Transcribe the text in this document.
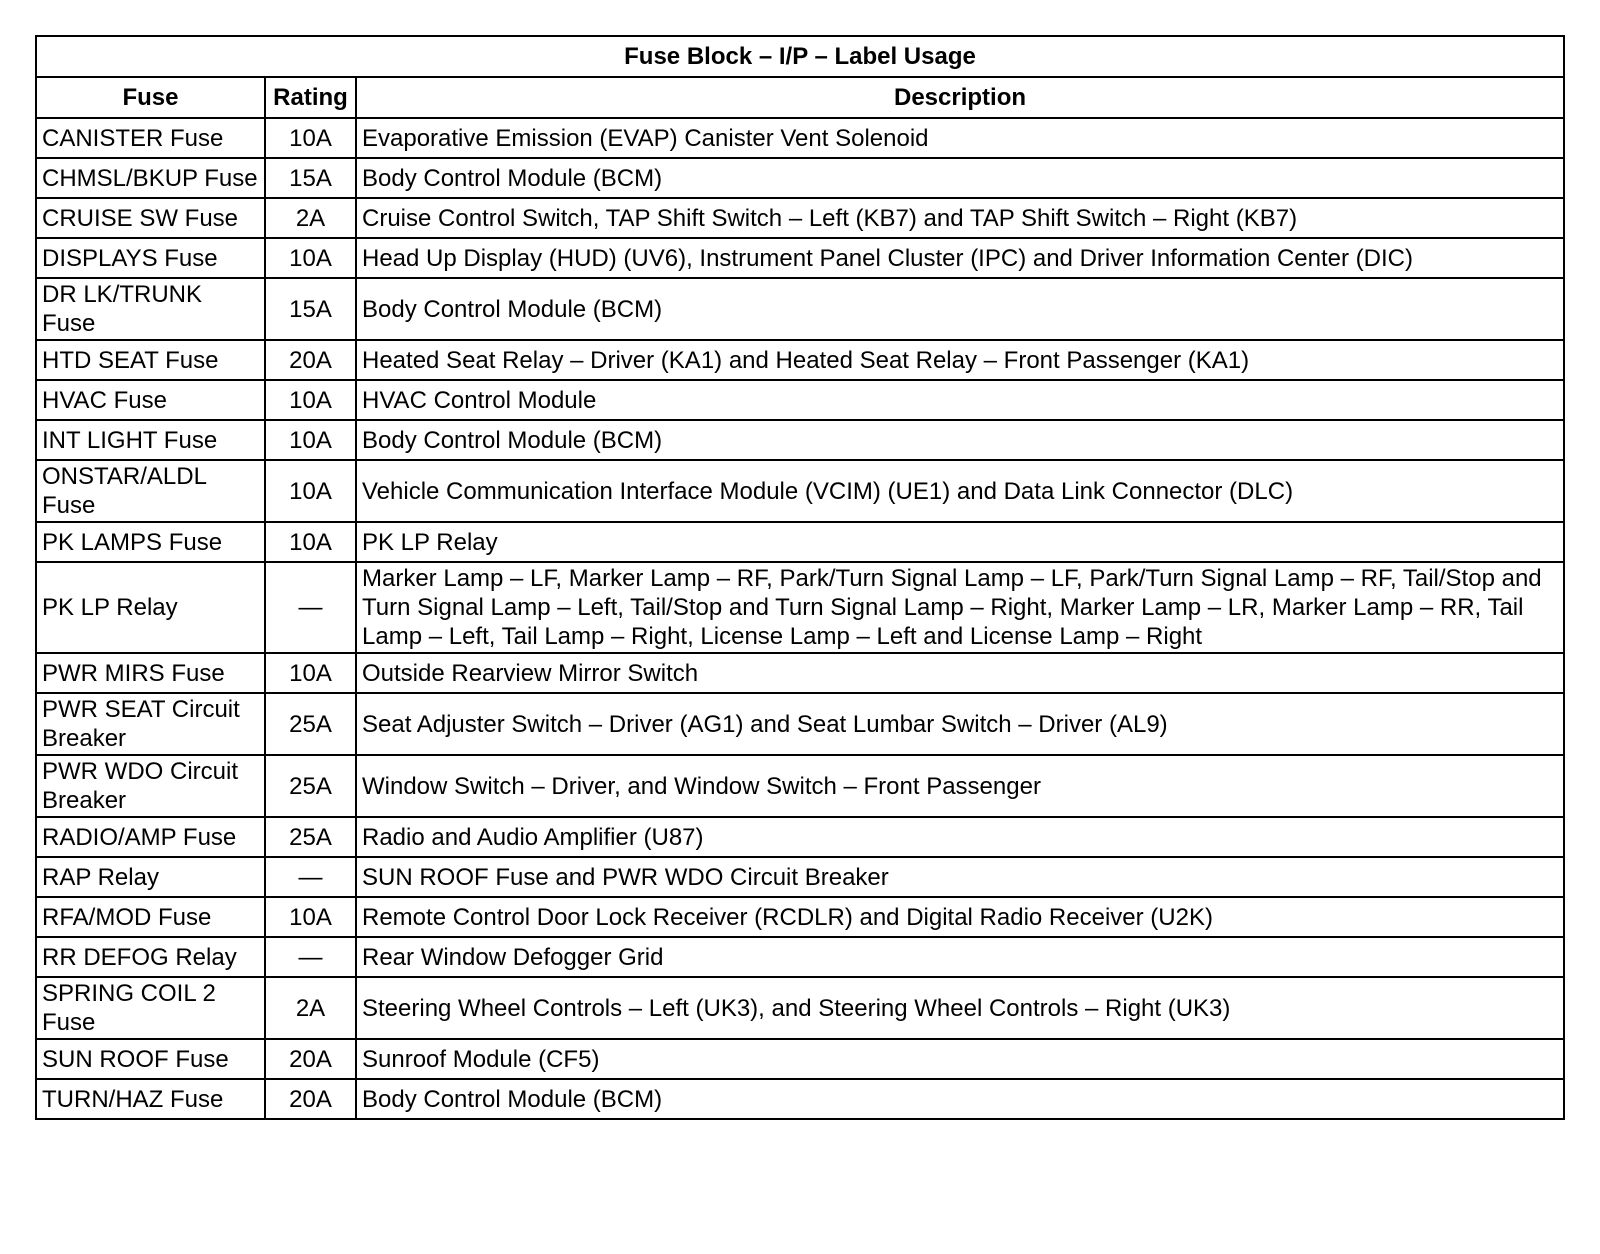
Fuse Block – I/P – Label Usage		
Fuse	Rating	Description
CANISTER Fuse	10A	Evaporative Emission (EVAP) Canister Vent Solenoid
CHMSL/BKUP Fuse	15A	Body Control Module (BCM)
CRUISE SW Fuse	2A	Cruise Control Switch, TAP Shift Switch – Left (KB7) and TAP Shift Switch – Right (KB7)
DISPLAYS Fuse	10A	Head Up Display (HUD) (UV6), Instrument Panel Cluster (IPC) and Driver Information Center (DIC)
DR LK/TRUNK Fuse	15A	Body Control Module (BCM)
HTD SEAT Fuse	20A	Heated Seat Relay – Driver (KA1) and Heated Seat Relay – Front Passenger (KA1)
HVAC Fuse	10A	HVAC Control Module
INT LIGHT Fuse	10A	Body Control Module (BCM)
ONSTAR/ALDL Fuse	10A	Vehicle Communication Interface Module (VCIM) (UE1) and Data Link Connector (DLC)
PK LAMPS Fuse	10A	PK LP Relay
PK LP Relay	—	Marker Lamp – LF, Marker Lamp – RF, Park/Turn Signal Lamp – LF, Park/Turn Signal Lamp – RF, Tail/Stop and Turn Signal Lamp – Left, Tail/Stop and Turn Signal Lamp – Right, Marker Lamp – LR, Marker Lamp – RR, Tail Lamp – Left, Tail Lamp – Right, License Lamp – Left and License Lamp – Right
PWR MIRS Fuse	10A	Outside Rearview Mirror Switch
PWR SEAT Circuit Breaker	25A	Seat Adjuster Switch – Driver (AG1) and Seat Lumbar Switch – Driver (AL9)
PWR WDO Circuit Breaker	25A	Window Switch – Driver, and Window Switch – Front Passenger
RADIO/AMP Fuse	25A	Radio and Audio Amplifier (U87)
RAP Relay	—	SUN ROOF Fuse and PWR WDO Circuit Breaker
RFA/MOD Fuse	10A	Remote Control Door Lock Receiver (RCDLR) and Digital Radio Receiver (U2K)
RR DEFOG Relay	—	Rear Window Defogger Grid
SPRING COIL 2 Fuse	2A	Steering Wheel Controls – Left (UK3), and Steering Wheel Controls – Right (UK3)
SUN ROOF Fuse	20A	Sunroof Module (CF5)
TURN/HAZ Fuse	20A	Body Control Module (BCM)
